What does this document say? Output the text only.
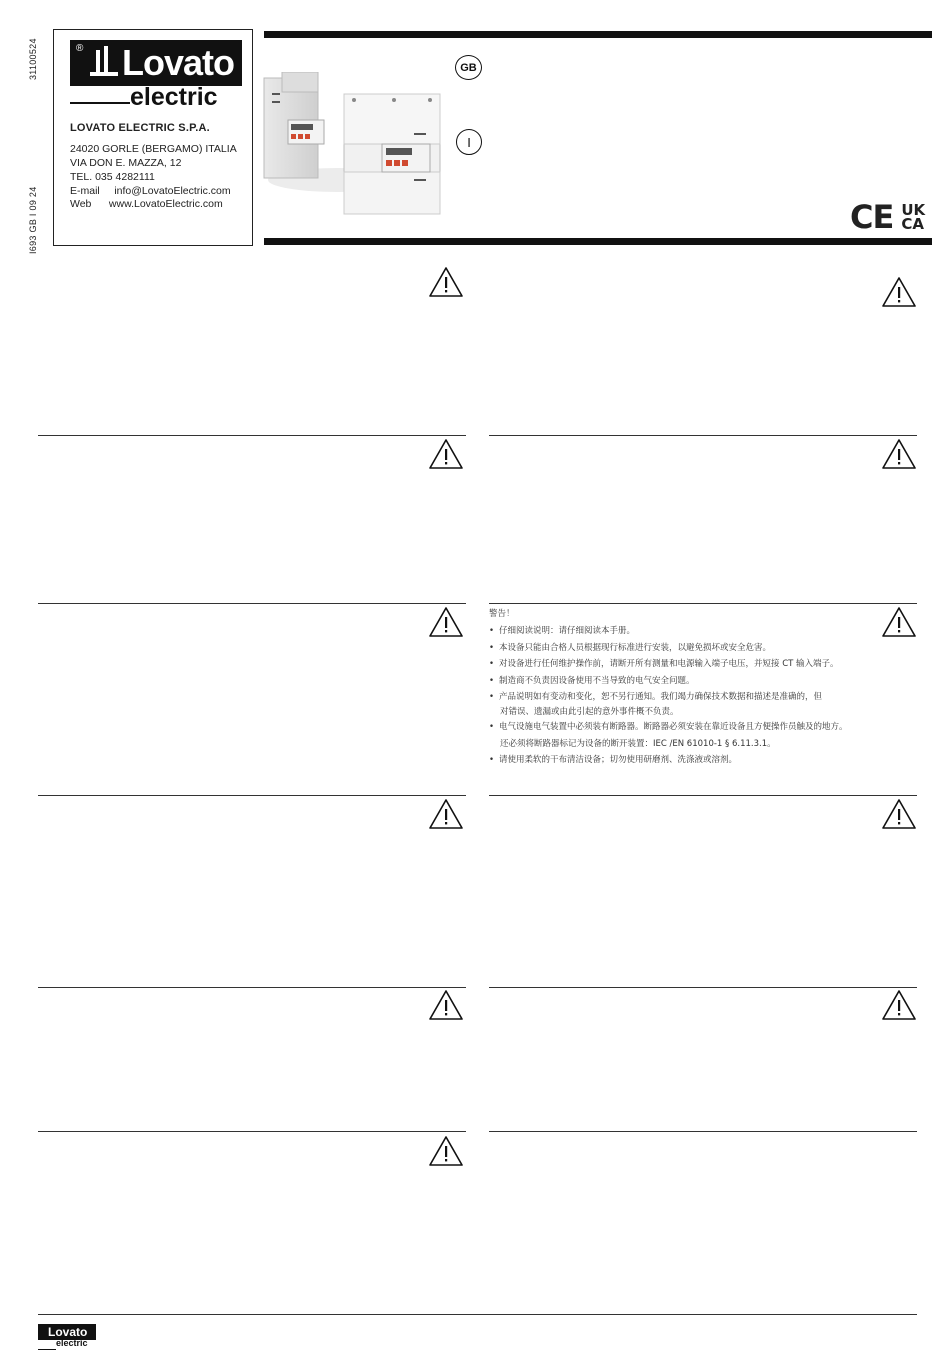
31100524
I693 GB I 09 24
® Lovato
electric
LOVATO ELECTRIC S.P.A.
24020 GORLE (BERGAMO) ITALIA
VIA DON E. MAZZA, 12
TEL. 035 4282111
E-mail     info@LovatoElectric.com
Web      www.LovatoElectric.com
GB
I
CE UK
CA
警告！
• 仔细阅读说明：请仔细阅读本手册。
• 本设备只能由合格人员根据现行标准进行安装，以避免损坏或安全危害。
• 对设备进行任何维护操作前，请断开所有测量和电源输入端子电压，并短接 CT 输入端子。
• 制造商不负责因设备使用不当导致的电气安全问题。
• 产品说明如有变动和变化，恕不另行通知。我们竭力确保技术数据和描述是准确的，但
对错误、遗漏或由此引起的意外事件概不负责。
• 电气设施电气装置中必须装有断路器。断路器必须安装在靠近设备且方便操作员触及的地方。
还必须将断路器标记为设备的断开装置：IEC /EN 61010-1 § 6.11.3.1。
• 请使用柔软的干布清洁设备；切勿使用研磨剂、洗涤液或溶剂。
Lovato
electric
